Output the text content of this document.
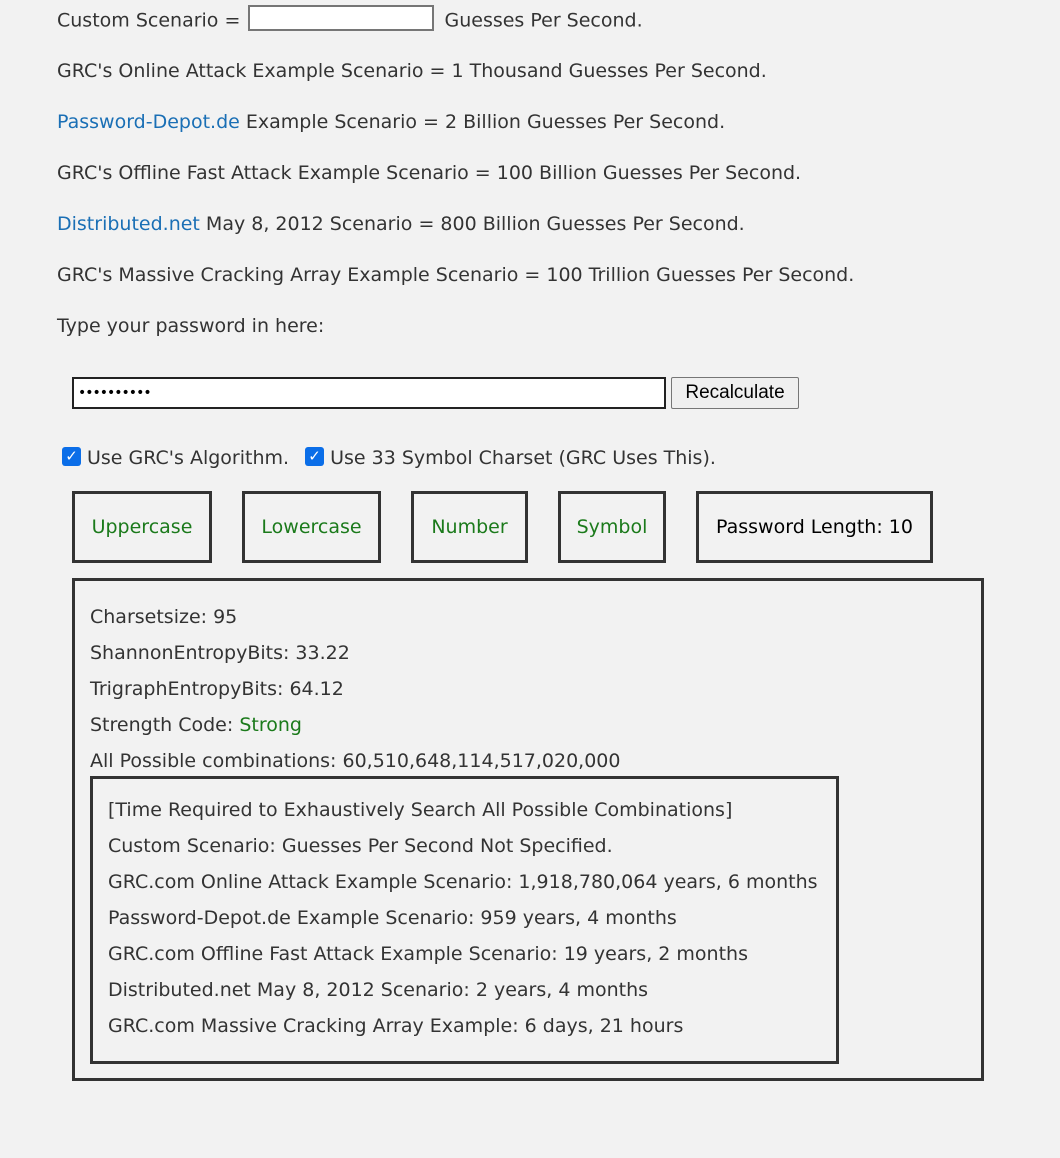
Custom Scenario =	Guesses Per Second.
GRC's Online Attack Example Scenario = 1 Thousand Guesses Per Second.
Password-Depot.de Example Scenario = 2 Billion Guesses Per Second.
GRC's Offline Fast Attack Example Scenario = 100 Billion Guesses Per Second.
Distributed.net May 8, 2012 Scenario = 800 Billion Guesses Per Second.
GRC's Massive Cracking Array Example Scenario = 100 Trillion Guesses Per Second.
Type your password in here:
••••••••••
Recalculate
✓ Use GRC's Algorithm. ✓ Use 33 Symbol Charset (GRC Uses This).
Uppercase	Lowercase	Number	Symbol	Password Length: 10
Charsetsize: 95
ShannonEntropyBits: 33.22
TrigraphEntropyBits: 64.12
Strength Code: Strong
All Possible combinations: 60,510,648,114,517,020,000
[Time Required to Exhaustively Search All Possible Combinations]
Custom Scenario: Guesses Per Second Not Specified.
GRC.com Online Attack Example Scenario: 1,918,780,064 years, 6 months
Password-Depot.de Example Scenario: 959 years, 4 months
GRC.com Offline Fast Attack Example Scenario: 19 years, 2 months
Distributed.net May 8, 2012 Scenario: 2 years, 4 months
GRC.com Massive Cracking Array Example: 6 days, 21 hours
